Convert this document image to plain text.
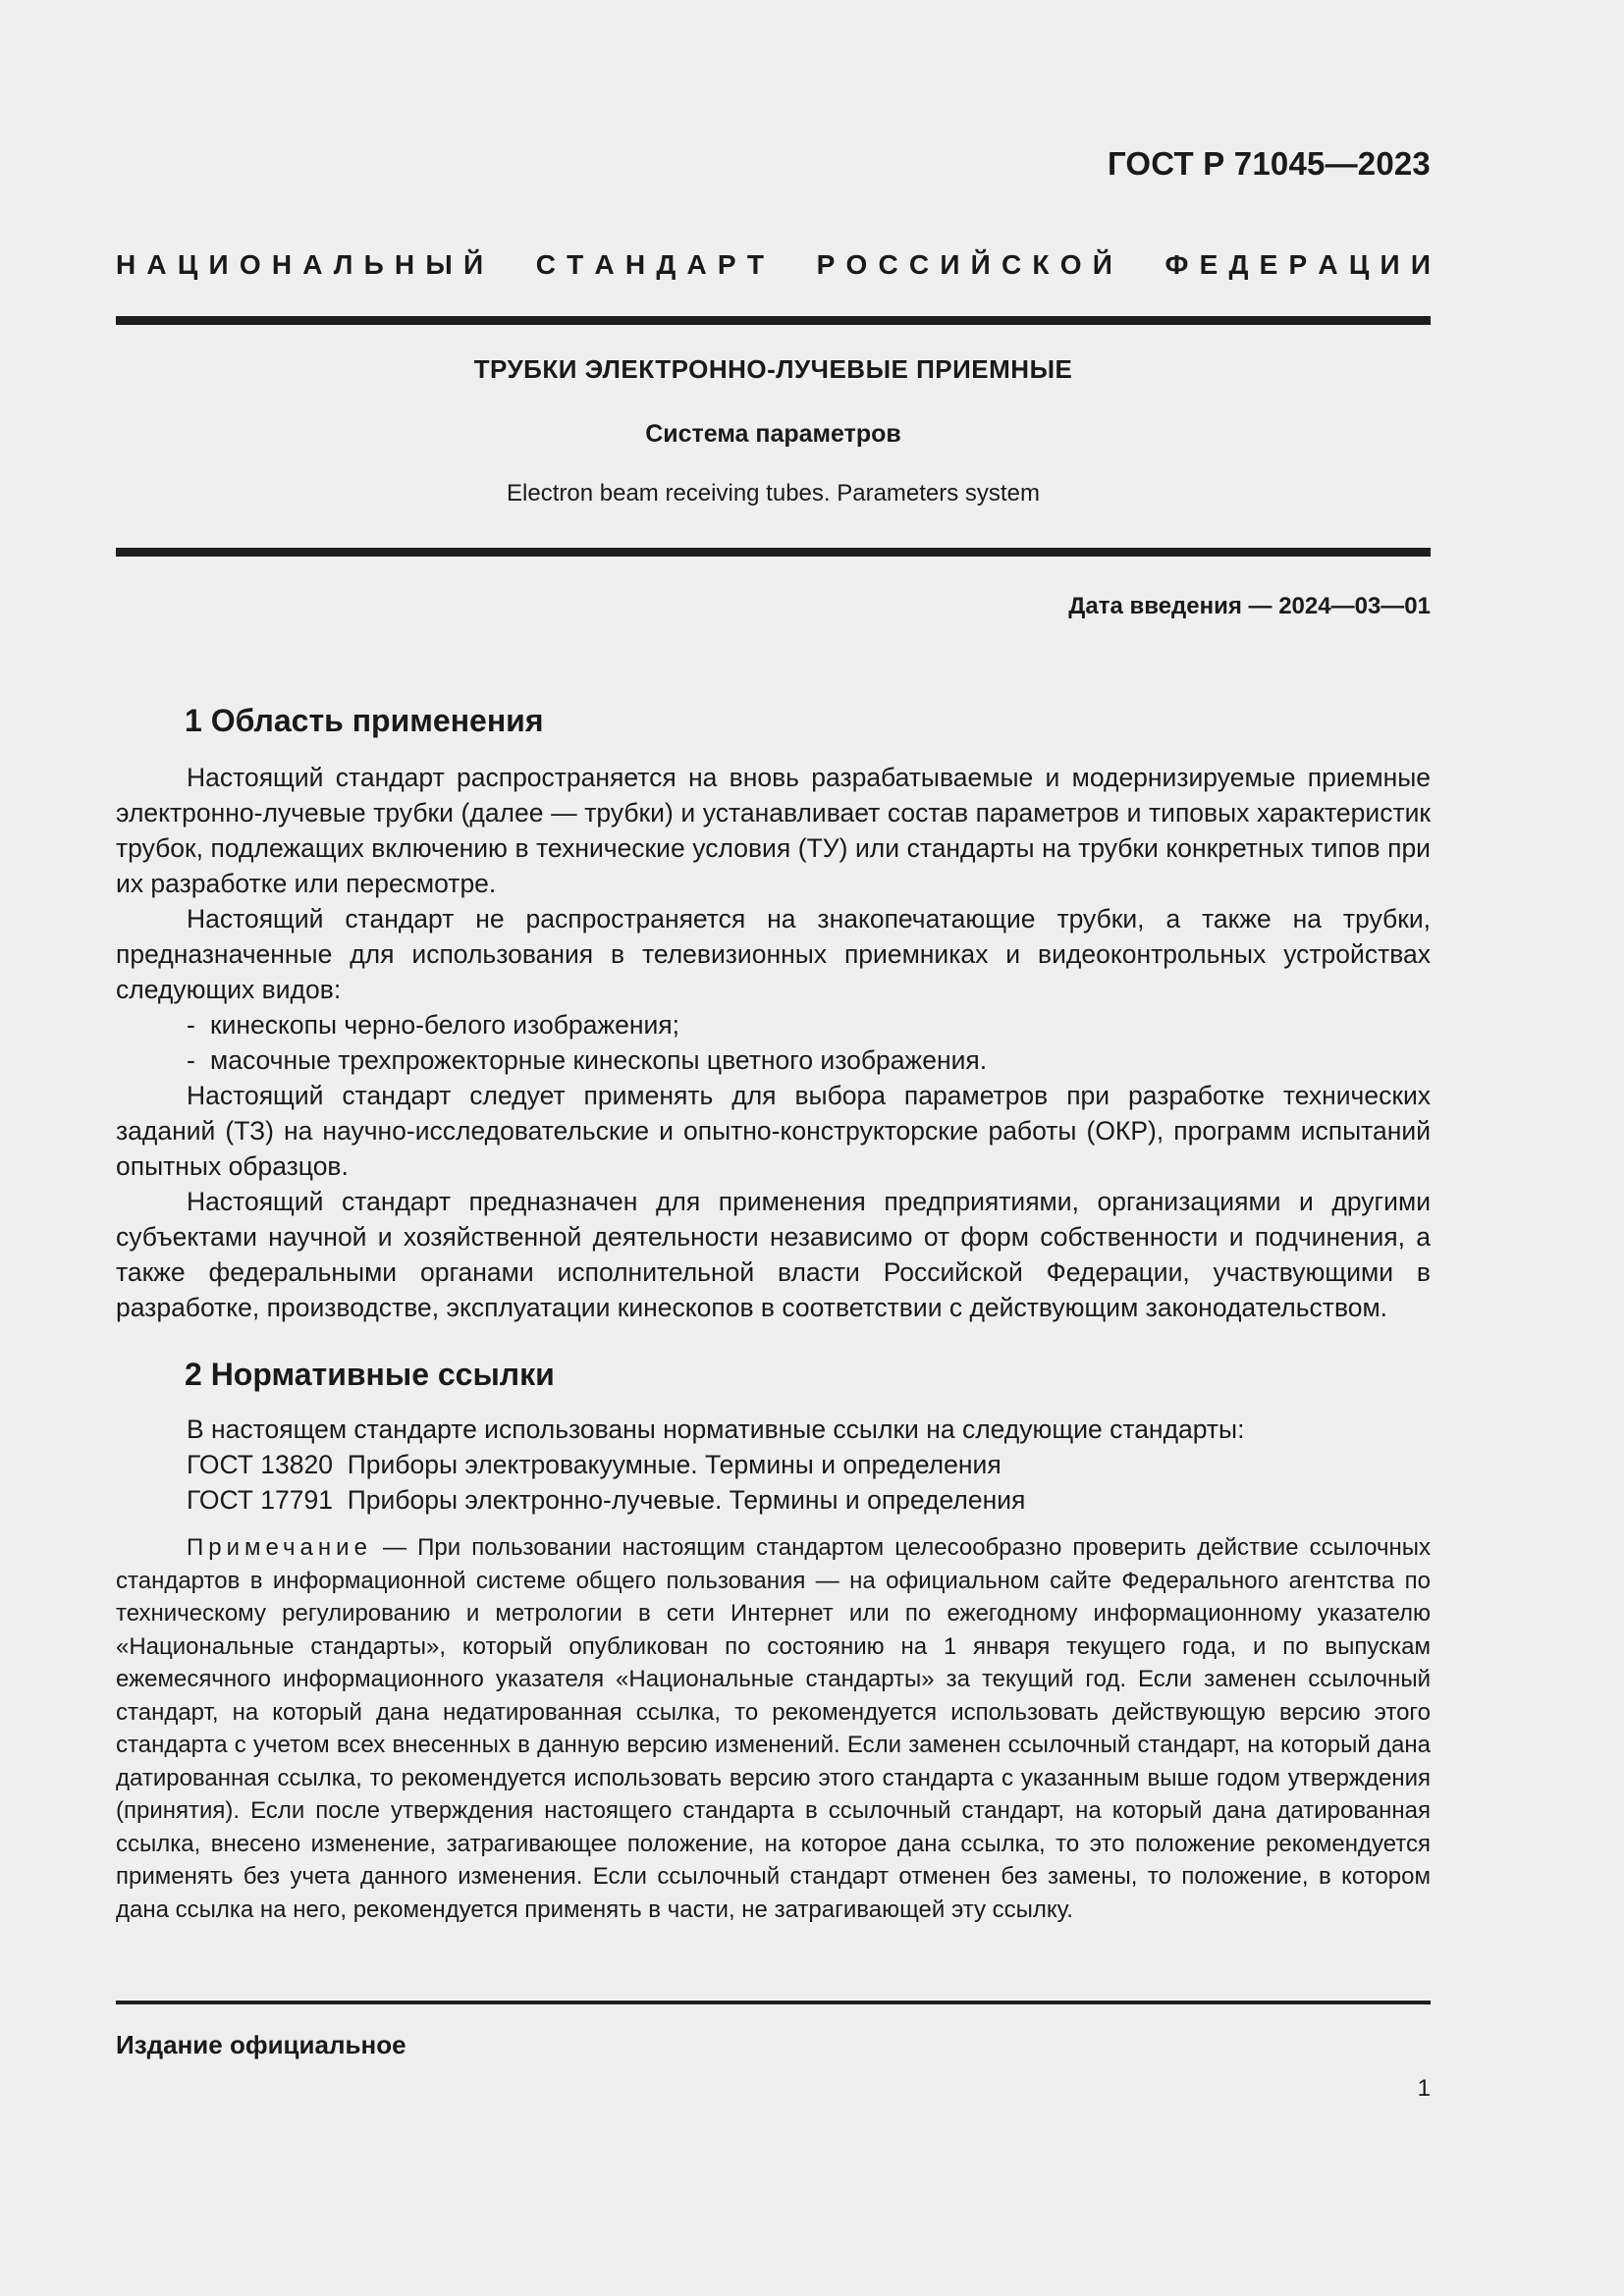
ГОСТ Р 71045—2023
Н  А  Ц  И  О  Н  А  Л  Ь  Н  Ы  Й С  Т  А  Н  Д  А  Р  Т Р  О  С  С  И  Й  С  К  О  Й Ф  Е  Д  Е  Р  А  Ц  И  И
ТРУБКИ ЭЛЕКТРОННО-ЛУЧЕВЫЕ ПРИЕМНЫЕ
Система параметров
Electron beam receiving tubes. Parameters system
Дата введения — 2024—03—01
1 Область применения

Настоящий стандарт распространяется на вновь разрабатываемые и модернизируемые приемные электронно-лучевые трубки (далее — трубки) и устанавливает состав параметров и типовых характеристик трубок, подлежащих включению в технические условия (ТУ) или стандарты на трубки конкретных типов при их разработке или пересмотре.

Настоящий стандарт не распространяется на знакопечатающие трубки, а также на трубки, предназначенные для использования в телевизионных приемниках и видеоконтрольных устройствах следующих видов:

- кинескопы черно-белого изображения;
- масочные трехпрожекторные кинескопы цветного изображения.

Настоящий стандарт следует применять для выбора параметров при разработке технических заданий (ТЗ) на научно-исследовательские и опытно-конструкторские работы (ОКР), программ испытаний опытных образцов.

Настоящий стандарт предназначен для применения предприятиями, организациями и другими субъектами научной и хозяйственной деятельности независимо от форм собственности и подчинения, а также федеральными органами исполнительной власти Российской Федерации, участвующими в разработке, производстве, эксплуатации кинескопов в соответствии с действующим законодательством.

2 Нормативные ссылки
В настоящем стандарте использованы нормативные ссылки на следующие стандарты:
ГОСТ 13820  Приборы электровакуумные. Термины и определения
ГОСТ 17791  Приборы электронно-лучевые. Термины и определения
Примечание — При пользовании настоящим стандартом целесообразно проверить действие ссылочных стандартов в информационной системе общего пользования — на официальном сайте Федерального агентства по техническому регулированию и метрологии в сети Интернет или по ежегодному информационному указателю «Национальные стандарты», который опубликован по состоянию на 1 января текущего года, и по выпускам ежемесячного информационного указателя «Национальные стандарты» за текущий год. Если заменен ссылочный стандарт, на который дана недатированная ссылка, то рекомендуется использовать действующую версию этого стандарта с учетом всех внесенных в данную версию изменений. Если заменен ссылочный стандарт, на который дана датированная ссылка, то рекомендуется использовать версию этого стандарта с указанным выше годом утверждения (принятия). Если после утверждения настоящего стандарта в ссылочный стандарт, на который дана датированная ссылка, внесено изменение, затрагивающее положение, на которое дана ссылка, то это положение рекомендуется применять без учета данного изменения. Если ссылочный стандарт отменен без замены, то положение, в котором дана ссылка на него, рекомендуется применять в части, не затрагивающей эту ссылку.
Издание официальное
1
